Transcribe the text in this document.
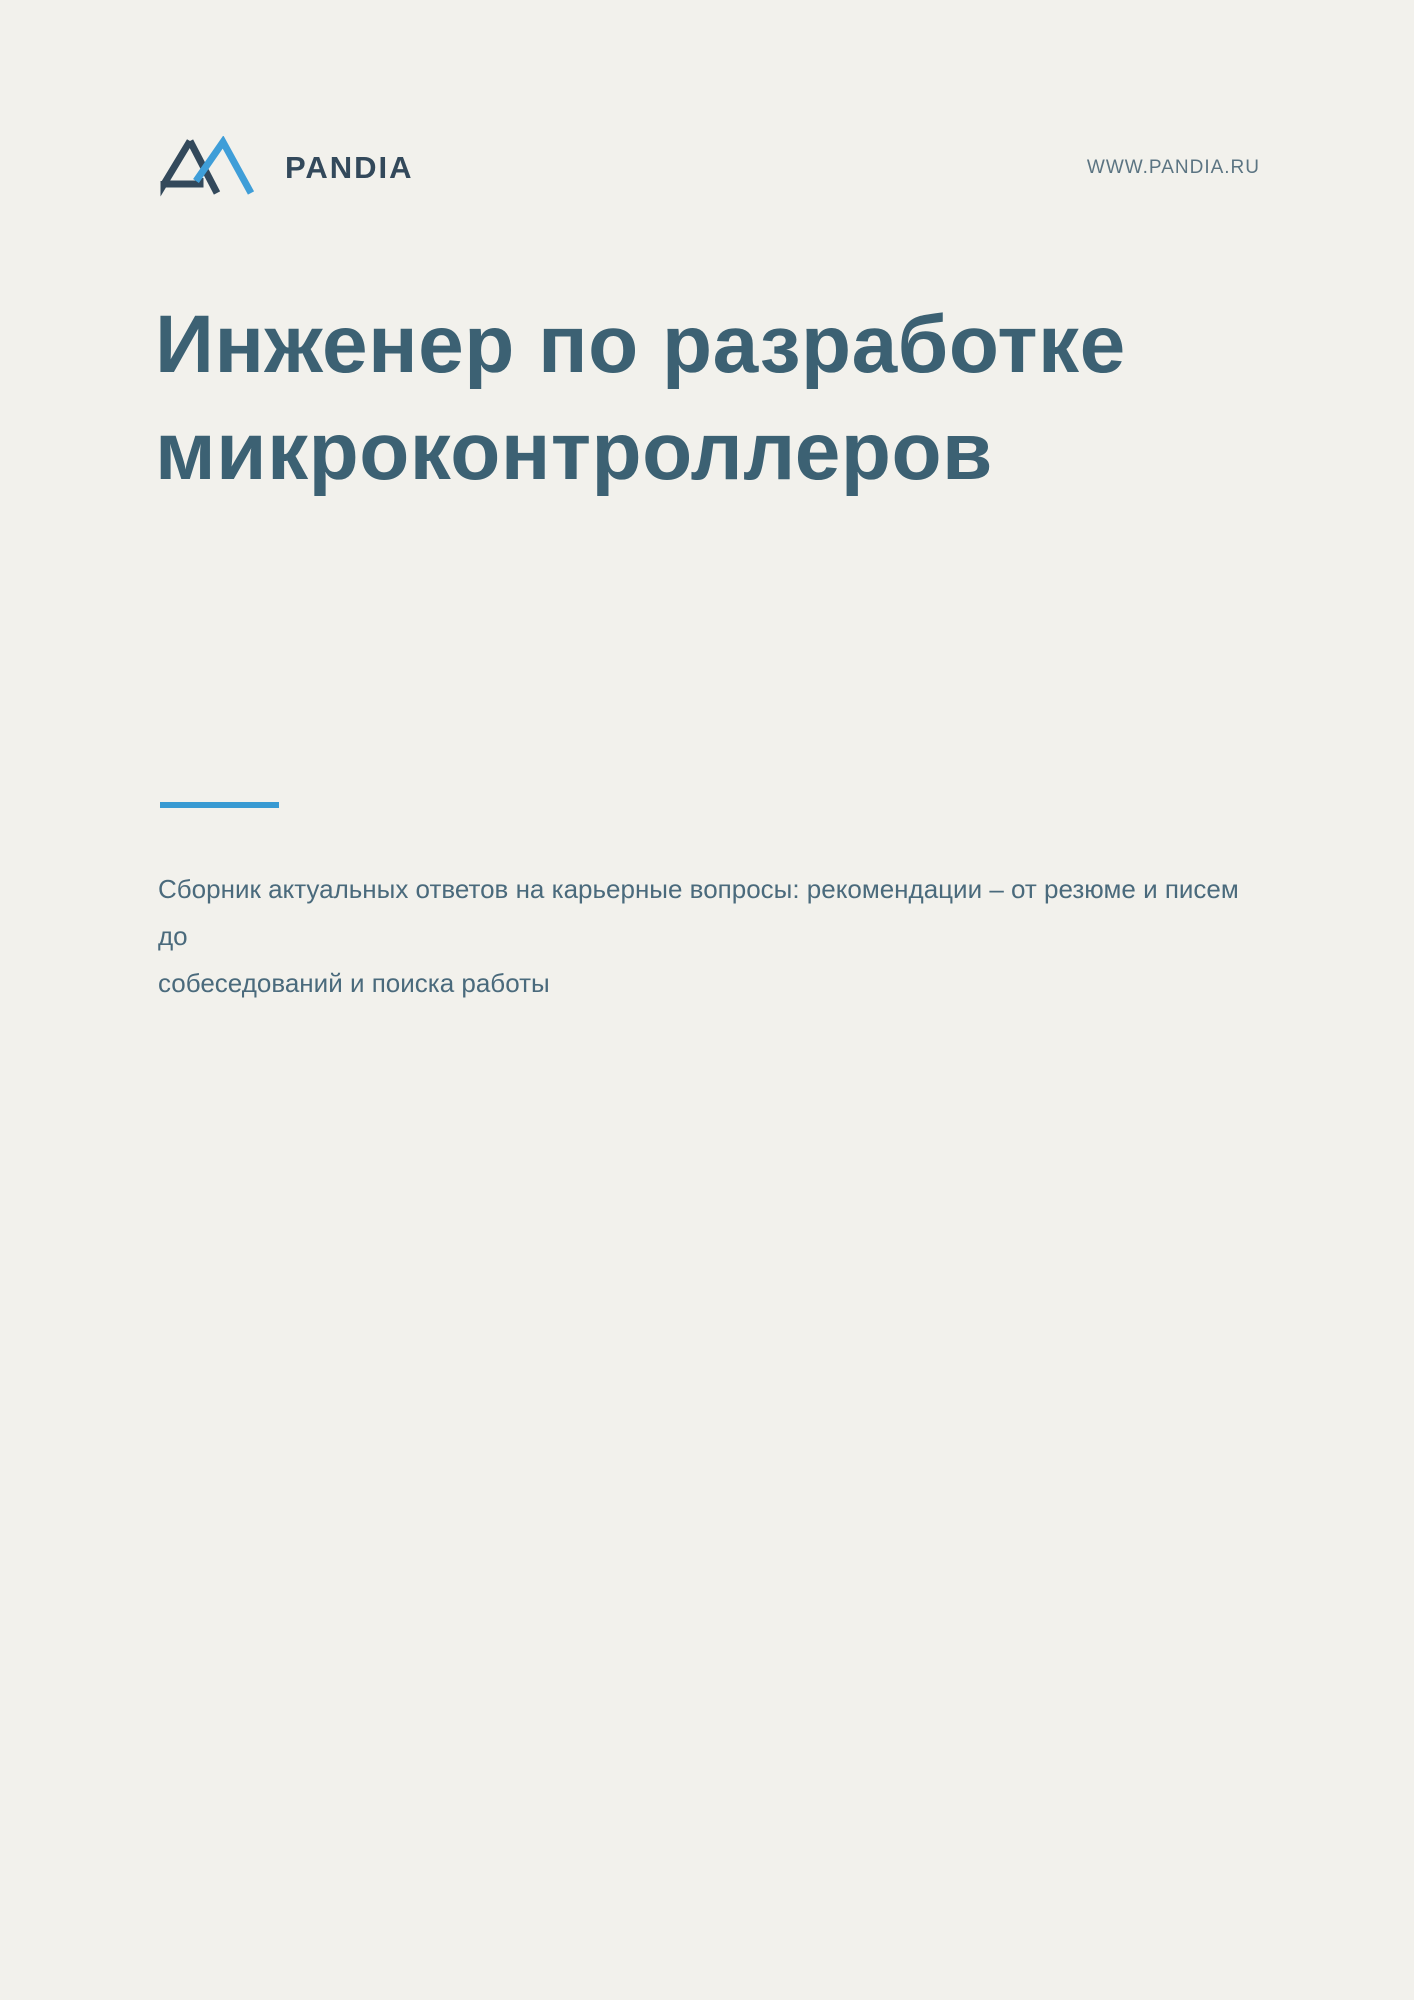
PANDIA	WWW.PANDIA.RU
Инженер по разработке
микроконтроллеров
Сборник актуальных ответов на карьерные вопросы: рекомендации – от резюме и писем до
собеседований и поиска работы
